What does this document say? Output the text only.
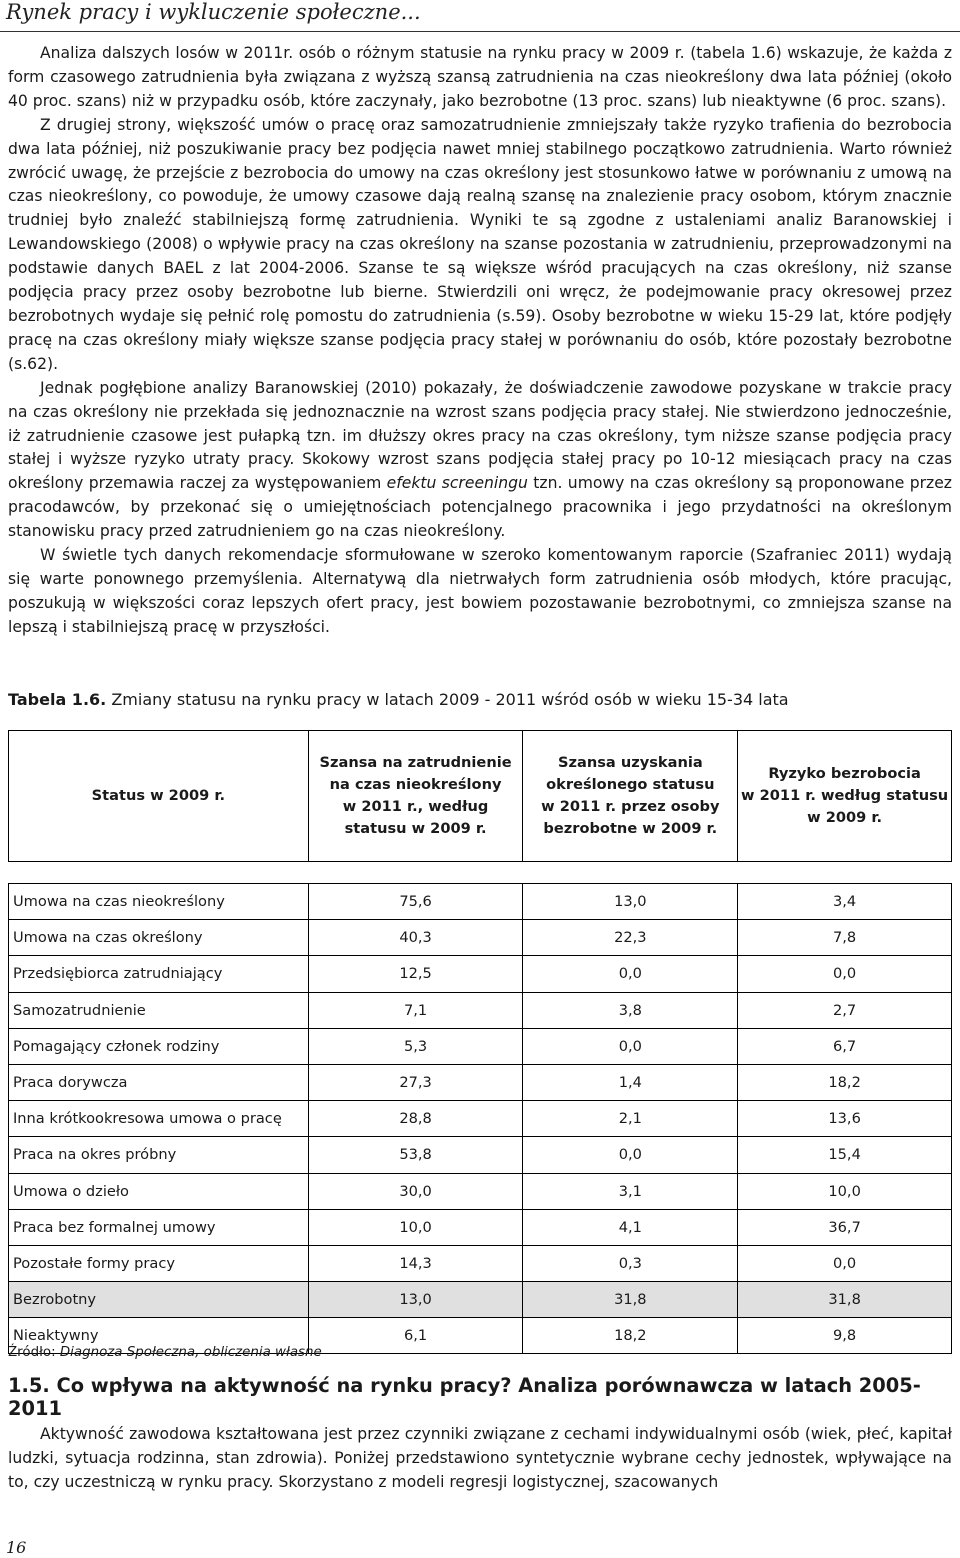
Rynek pracy i wykluczenie społeczne...

Analiza dalszych losów w 2011r. osób o różnym statusie na rynku pracy w 2009 r. (tabela 1.6) wskazuje, że każda z form czasowego zatrudnienia była związana z wyższą szansą zatrudnienia na czas nieokreślony dwa lata później (około 40 proc. szans) niż w przypadku osób, które zaczynały, jako bezrobotne (13 proc. szans) lub nieaktywne (6 proc. szans).

Z drugiej strony, większość umów o pracę oraz samozatrudnienie zmniejszały także ryzyko trafienia do bezrobocia dwa lata później, niż poszukiwanie pracy bez podjęcia nawet mniej stabilnego początkowo zatrudnienia. Warto również zwrócić uwagę, że przejście z bezrobocia do umowy na czas określony jest stosunkowo łatwe w porównaniu z umową na czas nieokreślony, co powoduje, że umowy czasowe dają realną szansę na znalezienie pracy osobom, którym znacznie trudniej było znaleźć stabilniejszą formę zatrudnienia. Wyniki te są zgodne z ustaleniami analiz Baranowskiej i Lewandowskiego (2008) o wpływie pracy na czas określony na szanse pozostania w zatrudnieniu, przeprowadzonymi na podstawie danych BAEL z lat 2004-2006. Szanse te są większe wśród pracujących na czas określony, niż szanse podjęcia pracy przez osoby bezrobotne lub bierne. Stwierdzili oni wręcz, że podejmowanie pracy okresowej przez bezrobotnych wydaje się pełnić rolę pomostu do zatrudnienia (s.59). Osoby bezrobotne w wieku 15-29 lat, które podjęły pracę na czas określony miały większe szanse podjęcia pracy stałej w porównaniu do osób, które pozostały bezrobotne (s.62).

Jednak pogłębione analizy Baranowskiej (2010) pokazały, że doświadczenie zawodowe pozyskane w trakcie pracy na czas określony nie przekłada się jednoznacznie na wzrost szans podjęcia pracy stałej. Nie stwierdzono jednocześnie, iż zatrudnienie czasowe jest pułapką tzn. im dłuższy okres pracy na czas określony, tym niższe szanse podjęcia pracy stałej i wyższe ryzyko utraty pracy. Skokowy wzrost szans podjęcia stałej pracy po 10-12 miesiącach pracy na czas określony przemawia raczej za występowaniem efektu screeningu tzn. umowy na czas określony są proponowane przez pracodawców, by przekonać się o umiejętnościach potencjalnego pracownika i jego przydatności na określonym stanowisku pracy przed zatrudnieniem go na czas nieokreślony.

W świetle tych danych rekomendacje sformułowane w szeroko komentowanym raporcie (Szafraniec 2011) wydają się warte ponownego przemyślenia. Alternatywą dla nietrwałych form zatrudnienia osób młodych, które pracując, poszukują w większości coraz lepszych ofert pracy, jest bowiem pozostawanie bezrobotnymi, co zmniejsza szanse na lepszą i stabilniejszą pracę w przyszłości.

Tabela 1.6. Zmiany statusu na rynku pracy w latach 2009 - 2011 wśród osób w wieku 15-34 lata
Status w 2009 r.	Szansa na zatrudnienie
na czas nieokreślony
w 2011 r., według
statusu w 2009 r.	Szansa uzyskania
określonego statusu
w 2011 r. przez osoby
bezrobotne w 2009 r.	Ryzyko bezrobocia
w 2011 r. według statusu
w 2009 r.

Umowa na czas nieokreślony	75,6	13,0	3,4
Umowa na czas określony	40,3	22,3	7,8
Przedsiębiorca zatrudniający	12,5	0,0	0,0
Samozatrudnienie	7,1	3,8	2,7
Pomagający członek rodziny	5,3	0,0	6,7
Praca dorywcza	27,3	1,4	18,2
Inna krótkookresowa umowa o pracę	28,8	2,1	13,6
Praca na okres próbny	53,8	0,0	15,4
Umowa o dzieło	30,0	3,1	10,0
Praca bez formalnej umowy	10,0	4,1	36,7
Pozostałe formy pracy	14,3	0,3	0,0
Bezrobotny	13,0	31,8	31,8
Nieaktywny	6,1	18,2	9,8
Źródło: Diagnoza Społeczna, obliczenia własne
1.5. Co wpływa na aktywność na rynku pracy? Analiza porównawcza w latach 2005-2011

Aktywność zawodowa kształtowana jest przez czynniki związane z cechami indywidualnymi osób (wiek, płeć, kapitał ludzki, sytuacja rodzinna, stan zdrowia). Poniżej przedstawiono syntetycznie wybrane cechy jednostek, wpływające na to, czy uczestniczą w rynku pracy. Skorzystano z modeli regresji logistycznej, szacowanych

16
